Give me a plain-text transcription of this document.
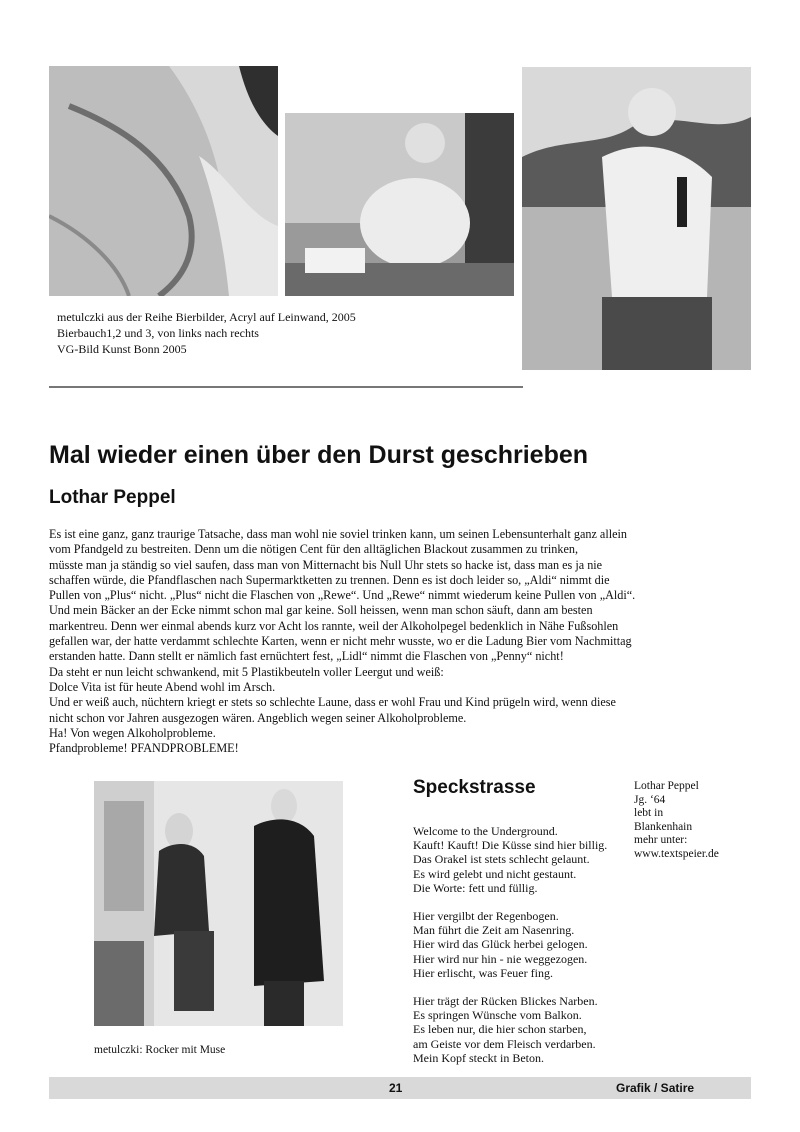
metulczki aus der Reihe Bierbilder, Acryl auf Leinwand, 2005
Bierbauch1,2 und 3, von links nach rechts
VG-Bild Kunst Bonn 2005
Mal wieder einen über den Durst geschrieben
Lothar Peppel

Es ist eine ganz, ganz traurige Tatsache, dass man wohl nie soviel trinken kann, um seinen Lebensunterhalt ganz allein

vom Pfandgeld zu bestreiten. Denn um die nötigen Cent für den alltäglichen Blackout zusammen zu trinken,

müsste man ja ständig so viel saufen, dass man von Mitternacht bis Null Uhr stets so hacke ist, dass man es ja nie

schaffen würde, die Pfandflaschen nach Supermarktketten zu trennen. Denn es ist doch leider so, „Aldi“ nimmt die

Pullen von „Plus“ nicht. „Plus“ nicht die Flaschen von „Rewe“. Und „Rewe“ nimmt wiederum keine Pullen von „Aldi“.

Und mein Bäcker an der Ecke nimmt schon mal gar keine. Soll heissen, wenn man schon säuft, dann am besten

markentreu. Denn wer einmal abends kurz vor Acht los rannte, weil der Alkoholpegel bedenklich in Nähe Fußsohlen

gefallen war, der hatte verdammt schlechte Karten, wenn er nicht mehr wusste, wo er die Ladung Bier vom Nachmittag

erstanden hatte. Dann stellt er nämlich fast ernüchtert fest, „Lidl“ nimmt die Flaschen von „Penny“ nicht!

Da steht er nun leicht schwankend, mit 5 Plastikbeuteln voller Leergut und weiß:

Dolce Vita ist für heute Abend wohl im Arsch.

Und er weiß auch, nüchtern kriegt er stets so schlechte Laune, dass er wohl Frau und Kind prügeln wird, wenn diese

nicht schon vor Jahren ausgezogen wären. Angeblich wegen seiner Alkoholprobleme.

Ha! Von wegen Alkoholprobleme.

Pfandprobleme! PFANDPROBLEME!

Speckstrasse
Welcome to the Underground.
Kauft! Kauft! Die Küsse sind hier billig.
Das Orakel ist stets schlecht gelaunt.
Es wird gelebt und nicht gestaunt.
Die Worte: fett und füllig.
Hier vergilbt der Regenbogen.
Man führt die Zeit am Nasenring.
Hier wird das Glück herbei gelogen.
Hier wird nur hin - nie weggezogen.
Hier erlischt, was Feuer fing.
Hier trägt der Rücken Blickes Narben.
Es springen Wünsche vom Balkon.
Es leben nur, die hier schon starben,
am Geiste vor dem Fleisch verdarben.
Mein Kopf steckt in Beton.
Lothar Peppel
Jg. ‘64
lebt in
Blankenhain
mehr unter:
www.textspeier.de
metulczki: Rocker mit Muse
21	Grafik / Satire
